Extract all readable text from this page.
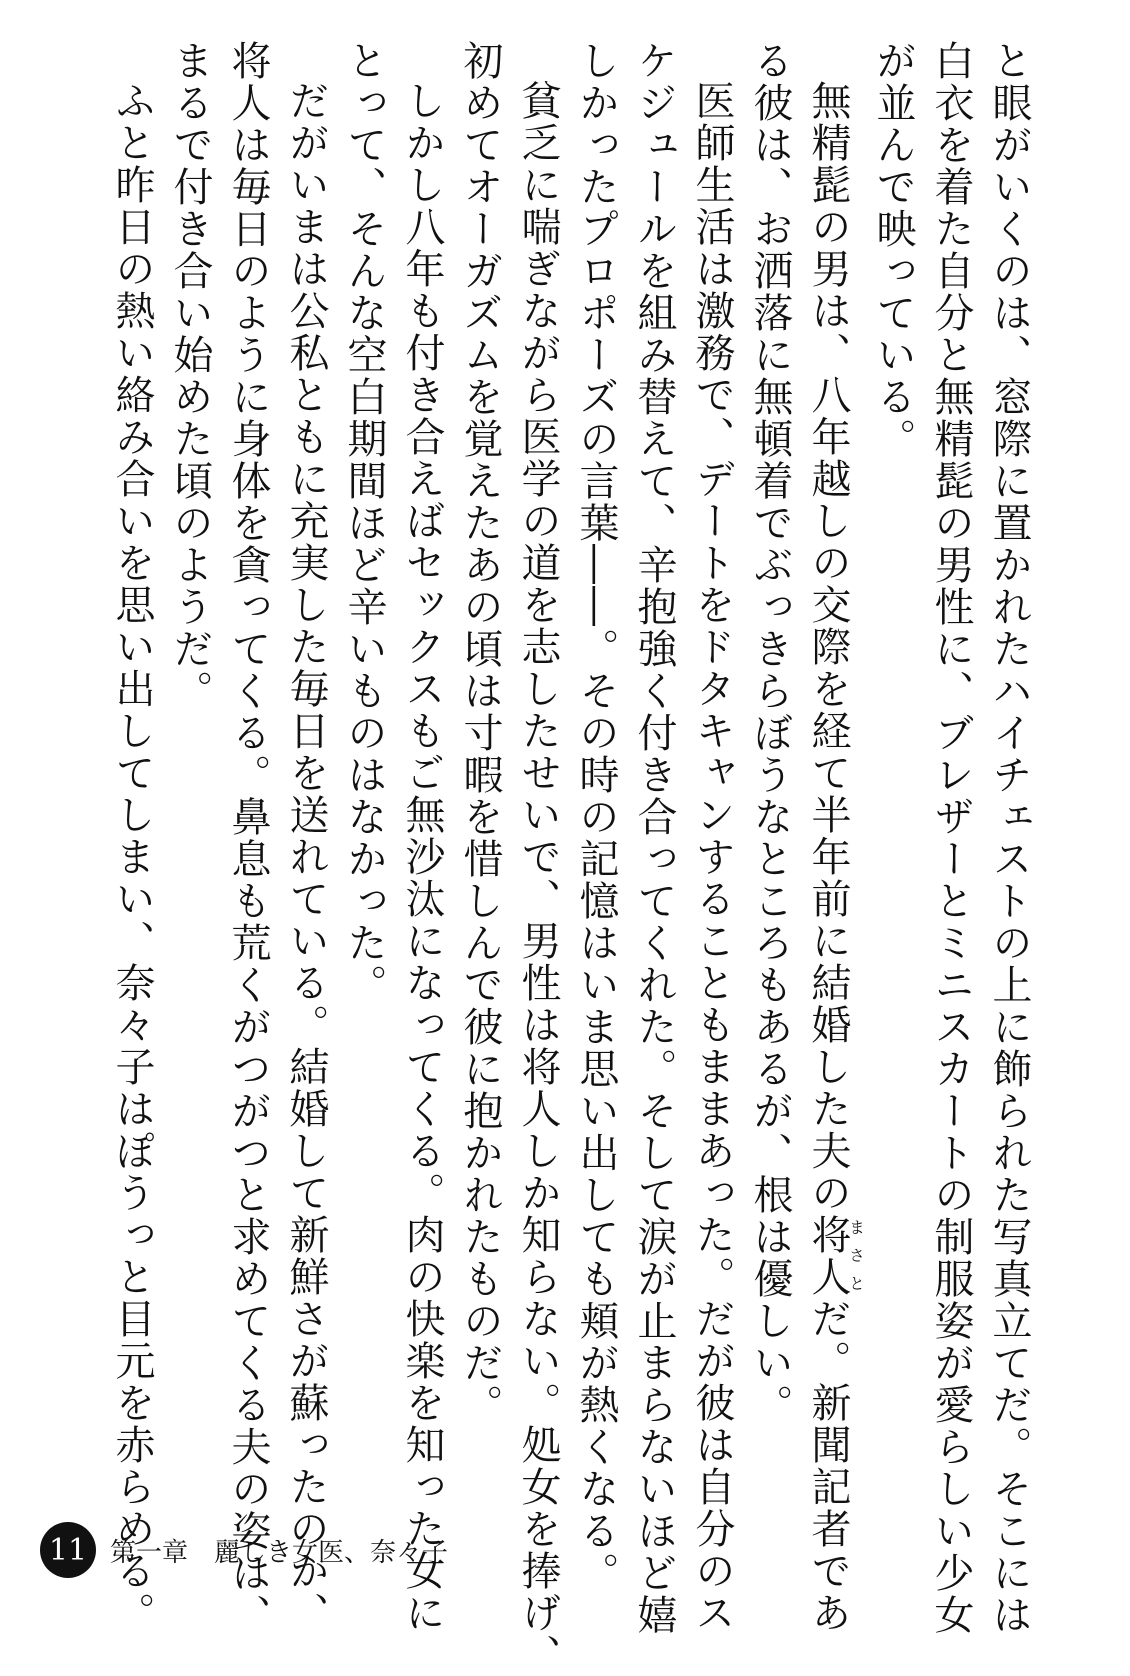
と眼がいくのは、窓際に置かれたハイチェストの上に飾られた写真立てだ。そこには
白衣を着た自分と無精髭の男性に、ブレザーとミニスカートの制服姿が愛らしい少女
が並んで映っている。
無精髭の男は、八年越しの交際を経て半年前に結婚した夫の将人まさとだ。新聞記者であ
る彼は、お洒落に無頓着でぶっきらぼうなところもあるが、根は優しい。
医師生活は激務で、デートをドタキャンすることもままあった。だが彼は自分のス
ケジュールを組み替えて、辛抱強く付き合ってくれた。そして涙が止まらないほど嬉
しかったプロポーズの言葉――。その時の記憶はいま思い出しても頬が熱くなる。
貧乏に喘ぎながら医学の道を志したせいで、男性は将人しか知らない。処女を捧げ、
初めてオーガズムを覚えたあの頃は寸暇を惜しんで彼に抱かれたものだ。
しかし八年も付き合えばセックスもご無沙汰になってくる。肉の快楽を知った女に
とって、そんな空白期間ほど辛いものはなかった。
だがいまは公私ともに充実した毎日を送れている。結婚して新鮮さが蘇ったのか、
将人は毎日のように身体を貪ってくる。鼻息も荒くがつがつと求めてくる夫の姿は、
まるで付き合い始めた頃のようだ。
ふと昨日の熱い絡み合いを思い出してしまい、奈々子はぽうっと目元を赤らめる。
11 第一章　麗しき女医、奈々子
